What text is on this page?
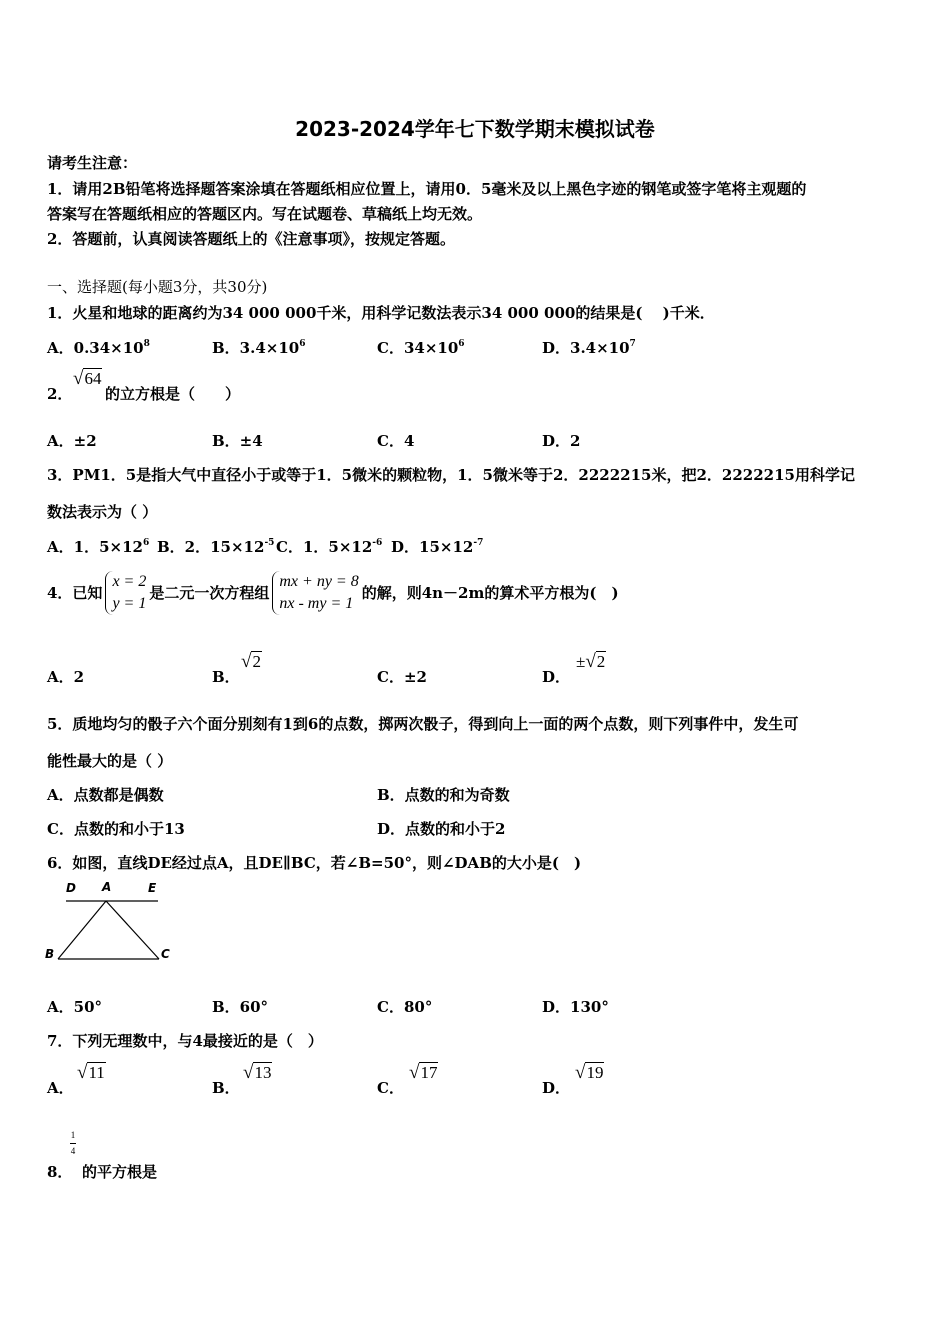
2023-2024学年七下数学期末模拟试卷
请考生注意：
1．请用2B铅笔将选择题答案涂填在答题纸相应位置上，请用0．5毫米及以上黑色字迹的钢笔或签字笔将主观题的
答案写在答题纸相应的答题区内。写在试题卷、草稿纸上均无效。
2．答题前，认真阅读答题纸上的《注意事项》，按规定答题。
一、选择题(每小题3分，共30分)
1．火星和地球的距离约为34 000 000千米，用科学记数法表示34 000 000的结果是(　 )千米．
A．$0.34\times 10^8$	B．$3.4\times 10^6$	C．$34\times 10^6$	D．$3.4\times 10^7$
2．
√64
的立方根是（　　）
A．±2	B．±4	C．4	D．2
3．PM1．5是指大气中直径小于或等于1．5微米的颗粒物，1．5微米等于2．2222215米，把2．2222215用科学记
数法表示为（ ）
A．1．$5\times 12^6$ B．2．$15\times 12^{-5}$ C．1．$5\times 12^{-6}$ D．$15\times 12^{-7}$
4．已知
x = 2
y = 1
是二元一次方程组
mx + ny = 8
nx - my = 1
的解，则4n－2m的算术平方根为(　)
A．2	B．
√2
C．±2	D．
±√2
5．质地均匀的骰子六个面分别刻有1到6的点数，掷两次骰子，得到向上一面的两个点数，则下列事件中，发生可
能性最大的是（ ）
A．点数都是偶数	B．点数的和为奇数
C．点数的和小于13	D．点数的和小于2
6．如图，直线DE经过点A，且DE∥BC，若∠B=50°，则∠DAB的大小是(　)
D A	E
B	C
A．50°	B．60°	C．80°	D．130°
7．下列无理数中，与4最接近的是（　）
A．
√11
B．
√13
C．
√17
D．
√19
8．
1
4
的平方根是
